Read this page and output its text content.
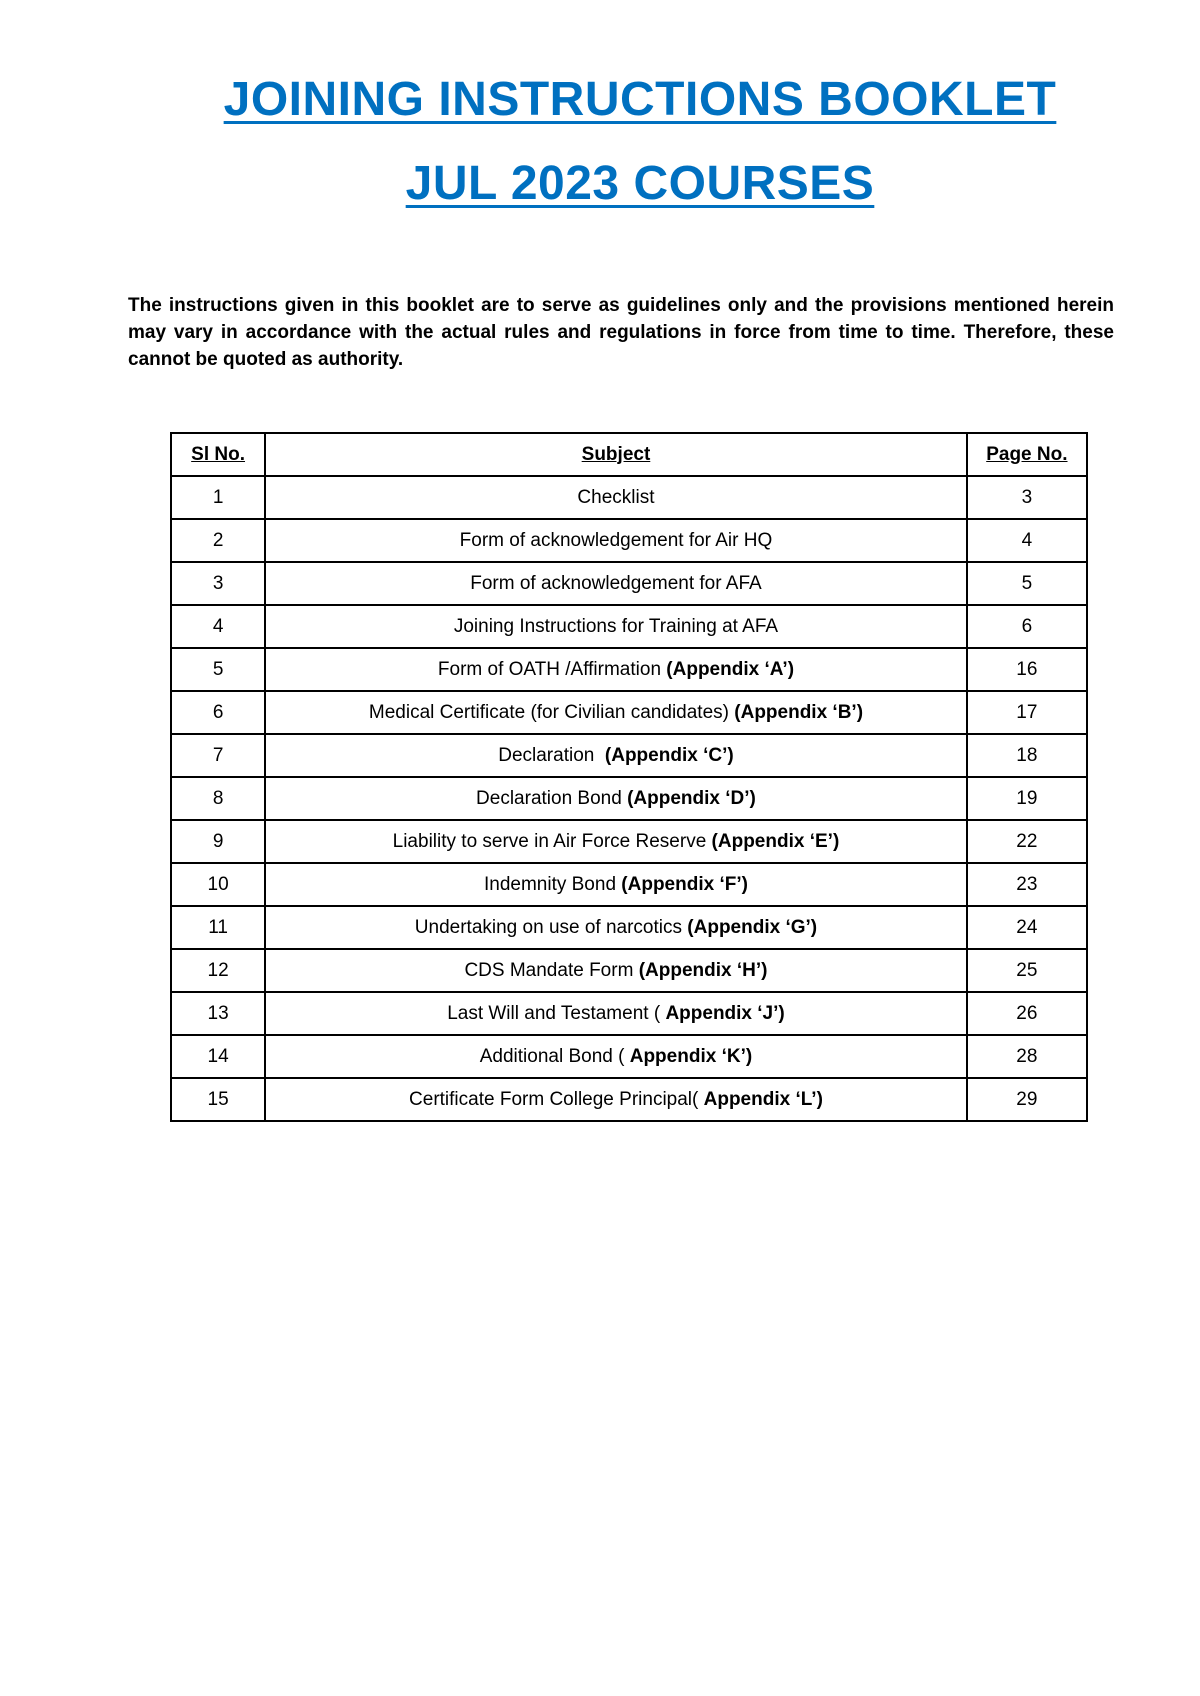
JOINING INSTRUCTIONS BOOKLET
JUL 2023 COURSES

The instructions given in this booklet are to serve as guidelines only and the provisions mentioned herein may vary in accordance with the actual rules and regulations in force from time to time. Therefore, these cannot be quoted as authority.

Sl No.	Subject	Page No.
1	Checklist	3
2	Form of acknowledgement for Air HQ	4
3	Form of acknowledgement for AFA	5
4	Joining Instructions for Training at AFA	6
5	Form of OATH /Affirmation (Appendix ‘A’)	16
6	Medical Certificate (for Civilian candidates) (Appendix ‘B’)	17
7	Declaration  (Appendix ‘C’)	18
8	Declaration Bond (Appendix ‘D’)	19
9	Liability to serve in Air Force Reserve (Appendix ‘E’)	22
10	Indemnity Bond (Appendix ‘F’)	23
11	Undertaking on use of narcotics (Appendix ‘G’)	24
12	CDS Mandate Form (Appendix ‘H’)	25
13	Last Will and Testament ( Appendix ‘J’)	26
14	Additional Bond ( Appendix ‘K’)	28
15	Certificate Form College Principal( Appendix ‘L’)	29
